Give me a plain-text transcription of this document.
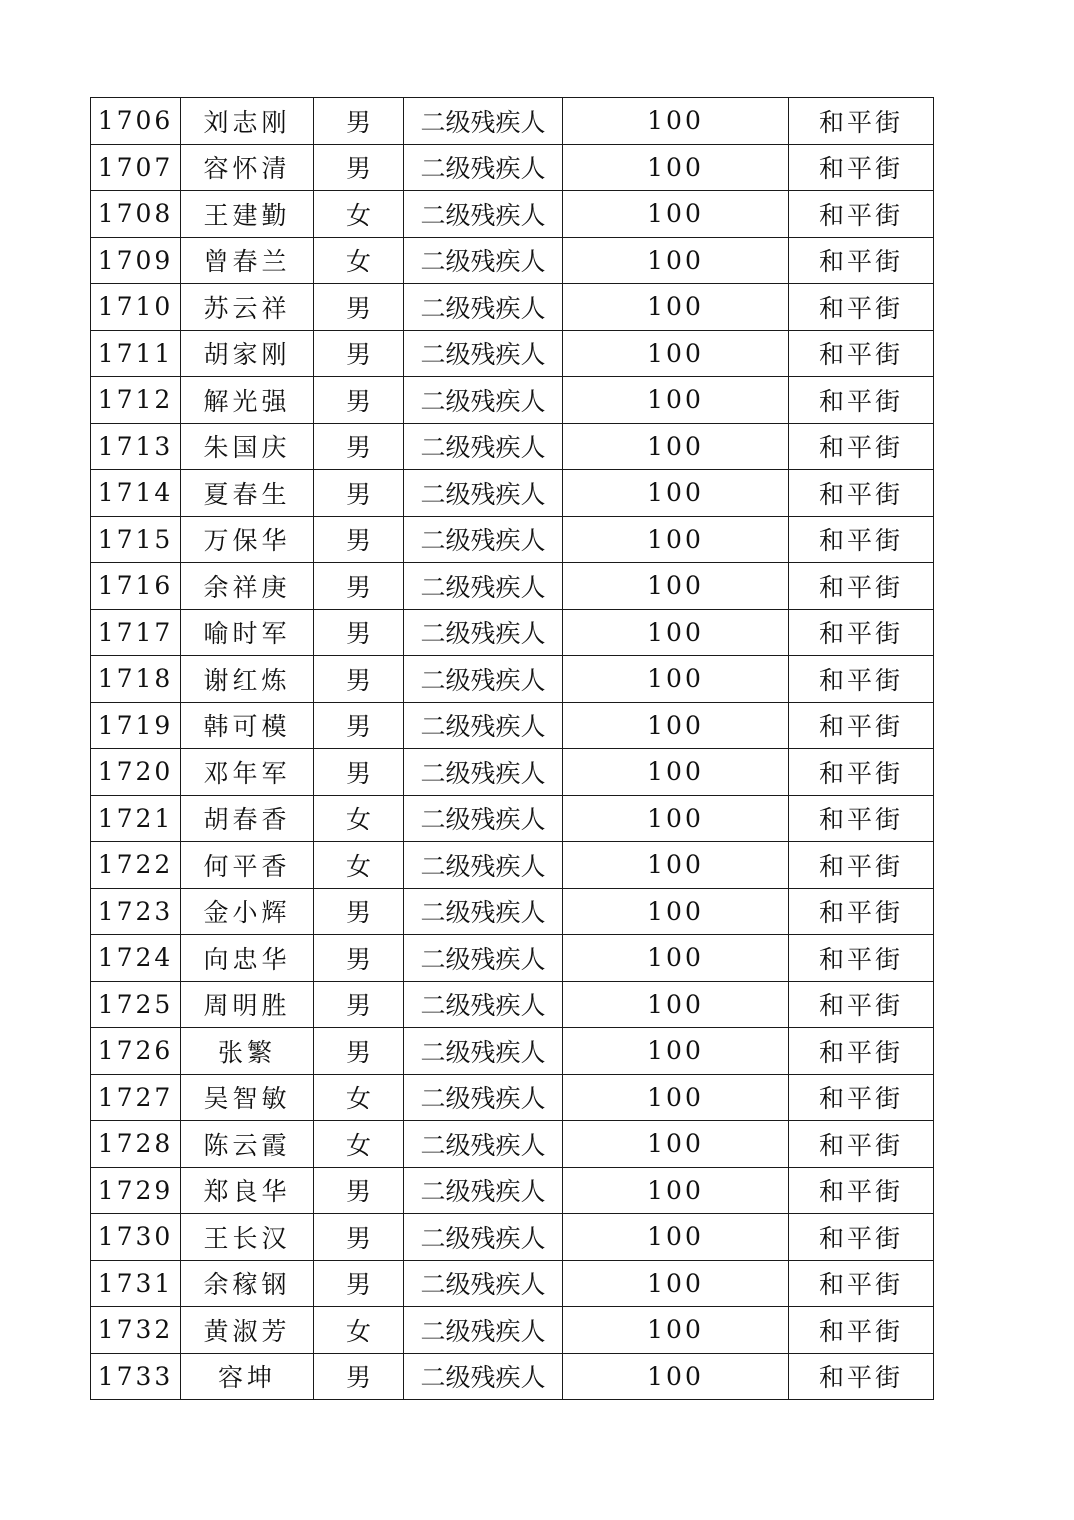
1706	刘志刚	男	二级残疾人	100	和平街
1707	容怀清	男	二级残疾人	100	和平街
1708	王建勤	女	二级残疾人	100	和平街
1709	曾春兰	女	二级残疾人	100	和平街
1710	苏云祥	男	二级残疾人	100	和平街
1711	胡家刚	男	二级残疾人	100	和平街
1712	解光强	男	二级残疾人	100	和平街
1713	朱国庆	男	二级残疾人	100	和平街
1714	夏春生	男	二级残疾人	100	和平街
1715	万保华	男	二级残疾人	100	和平街
1716	余祥庚	男	二级残疾人	100	和平街
1717	喻时军	男	二级残疾人	100	和平街
1718	谢红炼	男	二级残疾人	100	和平街
1719	韩可模	男	二级残疾人	100	和平街
1720	邓年军	男	二级残疾人	100	和平街
1721	胡春香	女	二级残疾人	100	和平街
1722	何平香	女	二级残疾人	100	和平街
1723	金小辉	男	二级残疾人	100	和平街
1724	向忠华	男	二级残疾人	100	和平街
1725	周明胜	男	二级残疾人	100	和平街
1726	张繁	男	二级残疾人	100	和平街
1727	吴智敏	女	二级残疾人	100	和平街
1728	陈云霞	女	二级残疾人	100	和平街
1729	郑良华	男	二级残疾人	100	和平街
1730	王长汉	男	二级残疾人	100	和平街
1731	余稼钢	男	二级残疾人	100	和平街
1732	黄淑芳	女	二级残疾人	100	和平街
1733	容坤	男	二级残疾人	100	和平街
